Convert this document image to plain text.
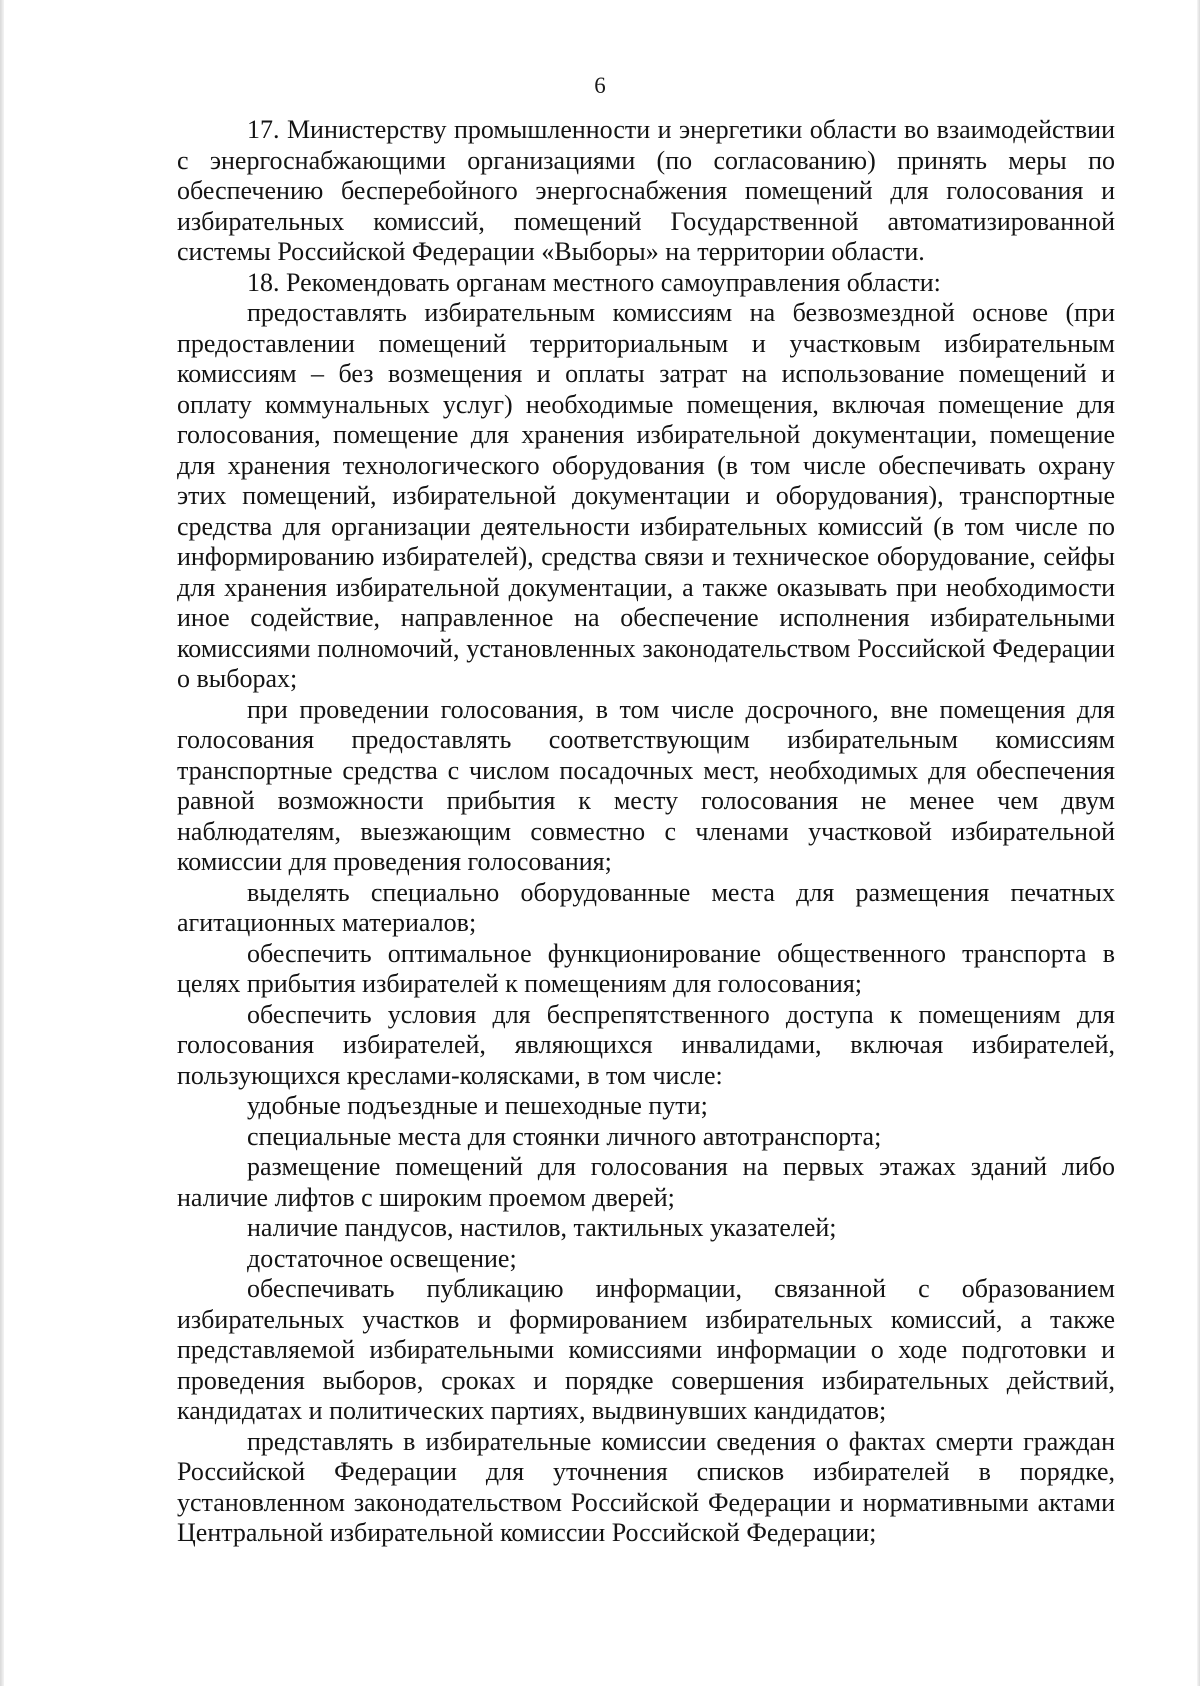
6

17. Министерству промышленности и энергетики области во взаимодействии с энергоснабжающими организациями (по согласованию) принять меры по обеспечению бесперебойного энергоснабжения помещений для голосования и избирательных комиссий, помещений Государственной автоматизированной системы Российской Федерации «Выборы» на территории области.

18. Рекомендовать органам местного самоуправления области:

предоставлять избирательным комиссиям на безвозмездной основе (при предоставлении помещений территориальным и участковым избирательным комиссиям – без возмещения и оплаты затрат на использование помещений и оплату коммунальных услуг) необходимые помещения, включая помещение для голосования, помещение для хранения избирательной документации, помещение для хранения технологического оборудования (в том числе обеспечивать охрану этих помещений, избирательной документации и оборудования), транспортные средства для организации деятельности избирательных комиссий (в том числе по информированию избирателей), средства связи и техническое оборудование, сейфы для хранения избирательной документации, а также оказывать при необходимости иное содействие, направленное на обеспечение исполнения избирательными комиссиями полномочий, установленных законодательством Российской Федерации о выборах;

при проведении голосования, в том числе досрочного, вне помещения для голосования предоставлять соответствующим избирательным комиссиям транспортные средства с числом посадочных мест, необходимых для обеспечения равной возможности прибытия к месту голосования не менее чем двум наблюдателям, выезжающим совместно с членами участковой избирательной комиссии для проведения голосования;

выделять специально оборудованные места для размещения печатных агитационных материалов;

обеспечить оптимальное функционирование общественного транспорта в целях прибытия избирателей к помещениям для голосования;

обеспечить условия для беспрепятственного доступа к помещениям для голосования избирателей, являющихся инвалидами, включая избирателей, пользующихся креслами-колясками, в том числе:

удобные подъездные и пешеходные пути;

специальные места для стоянки личного автотранспорта;

размещение помещений для голосования на первых этажах зданий либо наличие лифтов с широким проемом дверей;

наличие пандусов, настилов, тактильных указателей;

достаточное освещение;

обеспечивать публикацию информации, связанной с образованием избирательных участков и формированием избирательных комиссий, а также представляемой избирательными комиссиями информации о ходе подготовки и проведения выборов, сроках и порядке совершения избирательных действий, кандидатах и политических партиях, выдвинувших кандидатов;

представлять в избирательные комиссии сведения о фактах смерти граждан Российской Федерации для уточнения списков избирателей в порядке, установленном законодательством Российской Федерации и нормативными актами Центральной избирательной комиссии Российской Федерации;
